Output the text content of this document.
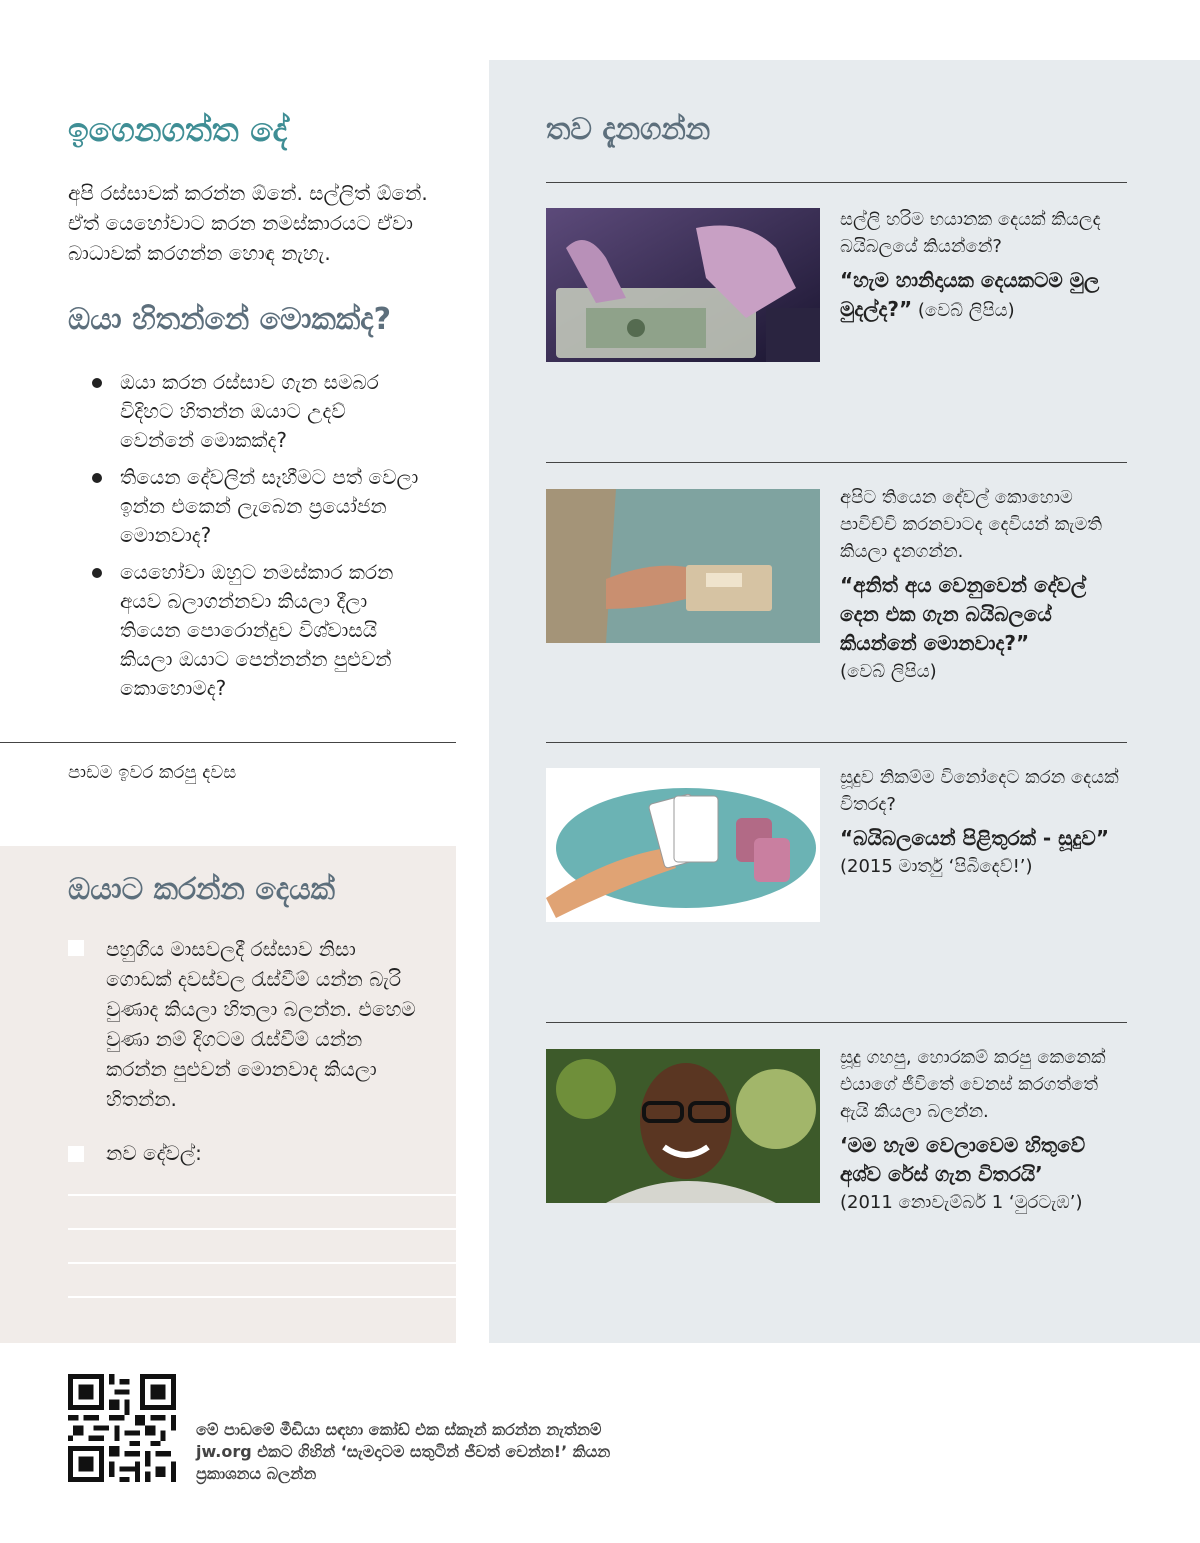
ඉගෙනගත්ත දේ
අපි රස්සාවක් කරන්න ඕනේ. සල්ලිත් ඕනේ. ඒත් යෙහෝවාට කරන නමස්කාරයට ඒවා බාධාවක් කරගන්න හොඳ නැහැ.
ඔයා හිතන්නේ මොකක්ද?
ඔයා කරන රස්සාව ගැන සමබර විදිහට හිතන්න ඔයාට උදව් වෙන්නේ මොකක්ද?
තියෙන දේවලින් සෑහීමට පත් වෙලා ඉන්න එකෙන් ලැබෙන ප්‍රයෝජන මොනවාද?
යෙහෝවා ඔහුට නමස්කාර කරන අයව බලාගන්නවා කියලා දීලා තියෙන පොරොන්දුව විශ්වාසයි කියලා ඔයාට පෙන්නන්න පුළුවන් කොහොමද?
පාඩම ඉවර කරපු දවස
ඔයාට කරන්න දෙයක්
පහුගිය මාසවලදී රස්සාව නිසා ගොඩක් දවස්වල රැස්වීම් යන්න බැරි වුණාද කියලා හිතලා බලන්න. එහෙම වුණා නම් දිගටම රැස්වීම් යන්න කරන්න පුළුවන් මොනවාද කියලා හිතන්න.
නව දේවල්:
තව දැනගන්න
සල්ලි හරිම භයානක දෙයක් කියලද බයිබලයේ කියන්නේ?
“හැම හානිදායක දෙයකටම මුල මුදල්ද?” (වෙබ් ලිපිය)
අපිට තියෙන දේවල් කොහොම පාවිච්චි කරනවාටද දෙවියන් කැමති කියලා දැනගන්න.
“අනිත් අය වෙනුවෙන් දේවල් දෙන එක ගැන බයිබලයේ කියන්නේ මොනවාද?”
(වෙබ් ලිපිය)
සූදුව නිකම්ම විනෝදෙට කරන දෙයක් විතරද?
“බයිබලයෙන් පිළිතුරක් - සූදුව”
(2015 මාර්තු ‘පිබිදෙව්!’)
සූදු ගහපු, හොරකම් කරපු කෙනෙක් එයාගේ ජීවිතේ වෙනස් කරගත්තේ ඇයි කියලා බලන්න.
‘මම හැම වෙලාවෙම හිතුවේ අශ්ව රේස් ගැන විතරයි’
(2011 නොවැම්බර් 1 ‘මුරටැඹ’)
මේ පාඩමේ මීඩියා සඳහා කෝඩ් එක ස්කෑන් කරන්න නැත්නම් jw.org එකට ගිහින් ‘සැමදාටම සතුටින් ජීවත් වෙන්න!’ කියන ප්‍රකාශනය බලන්න
